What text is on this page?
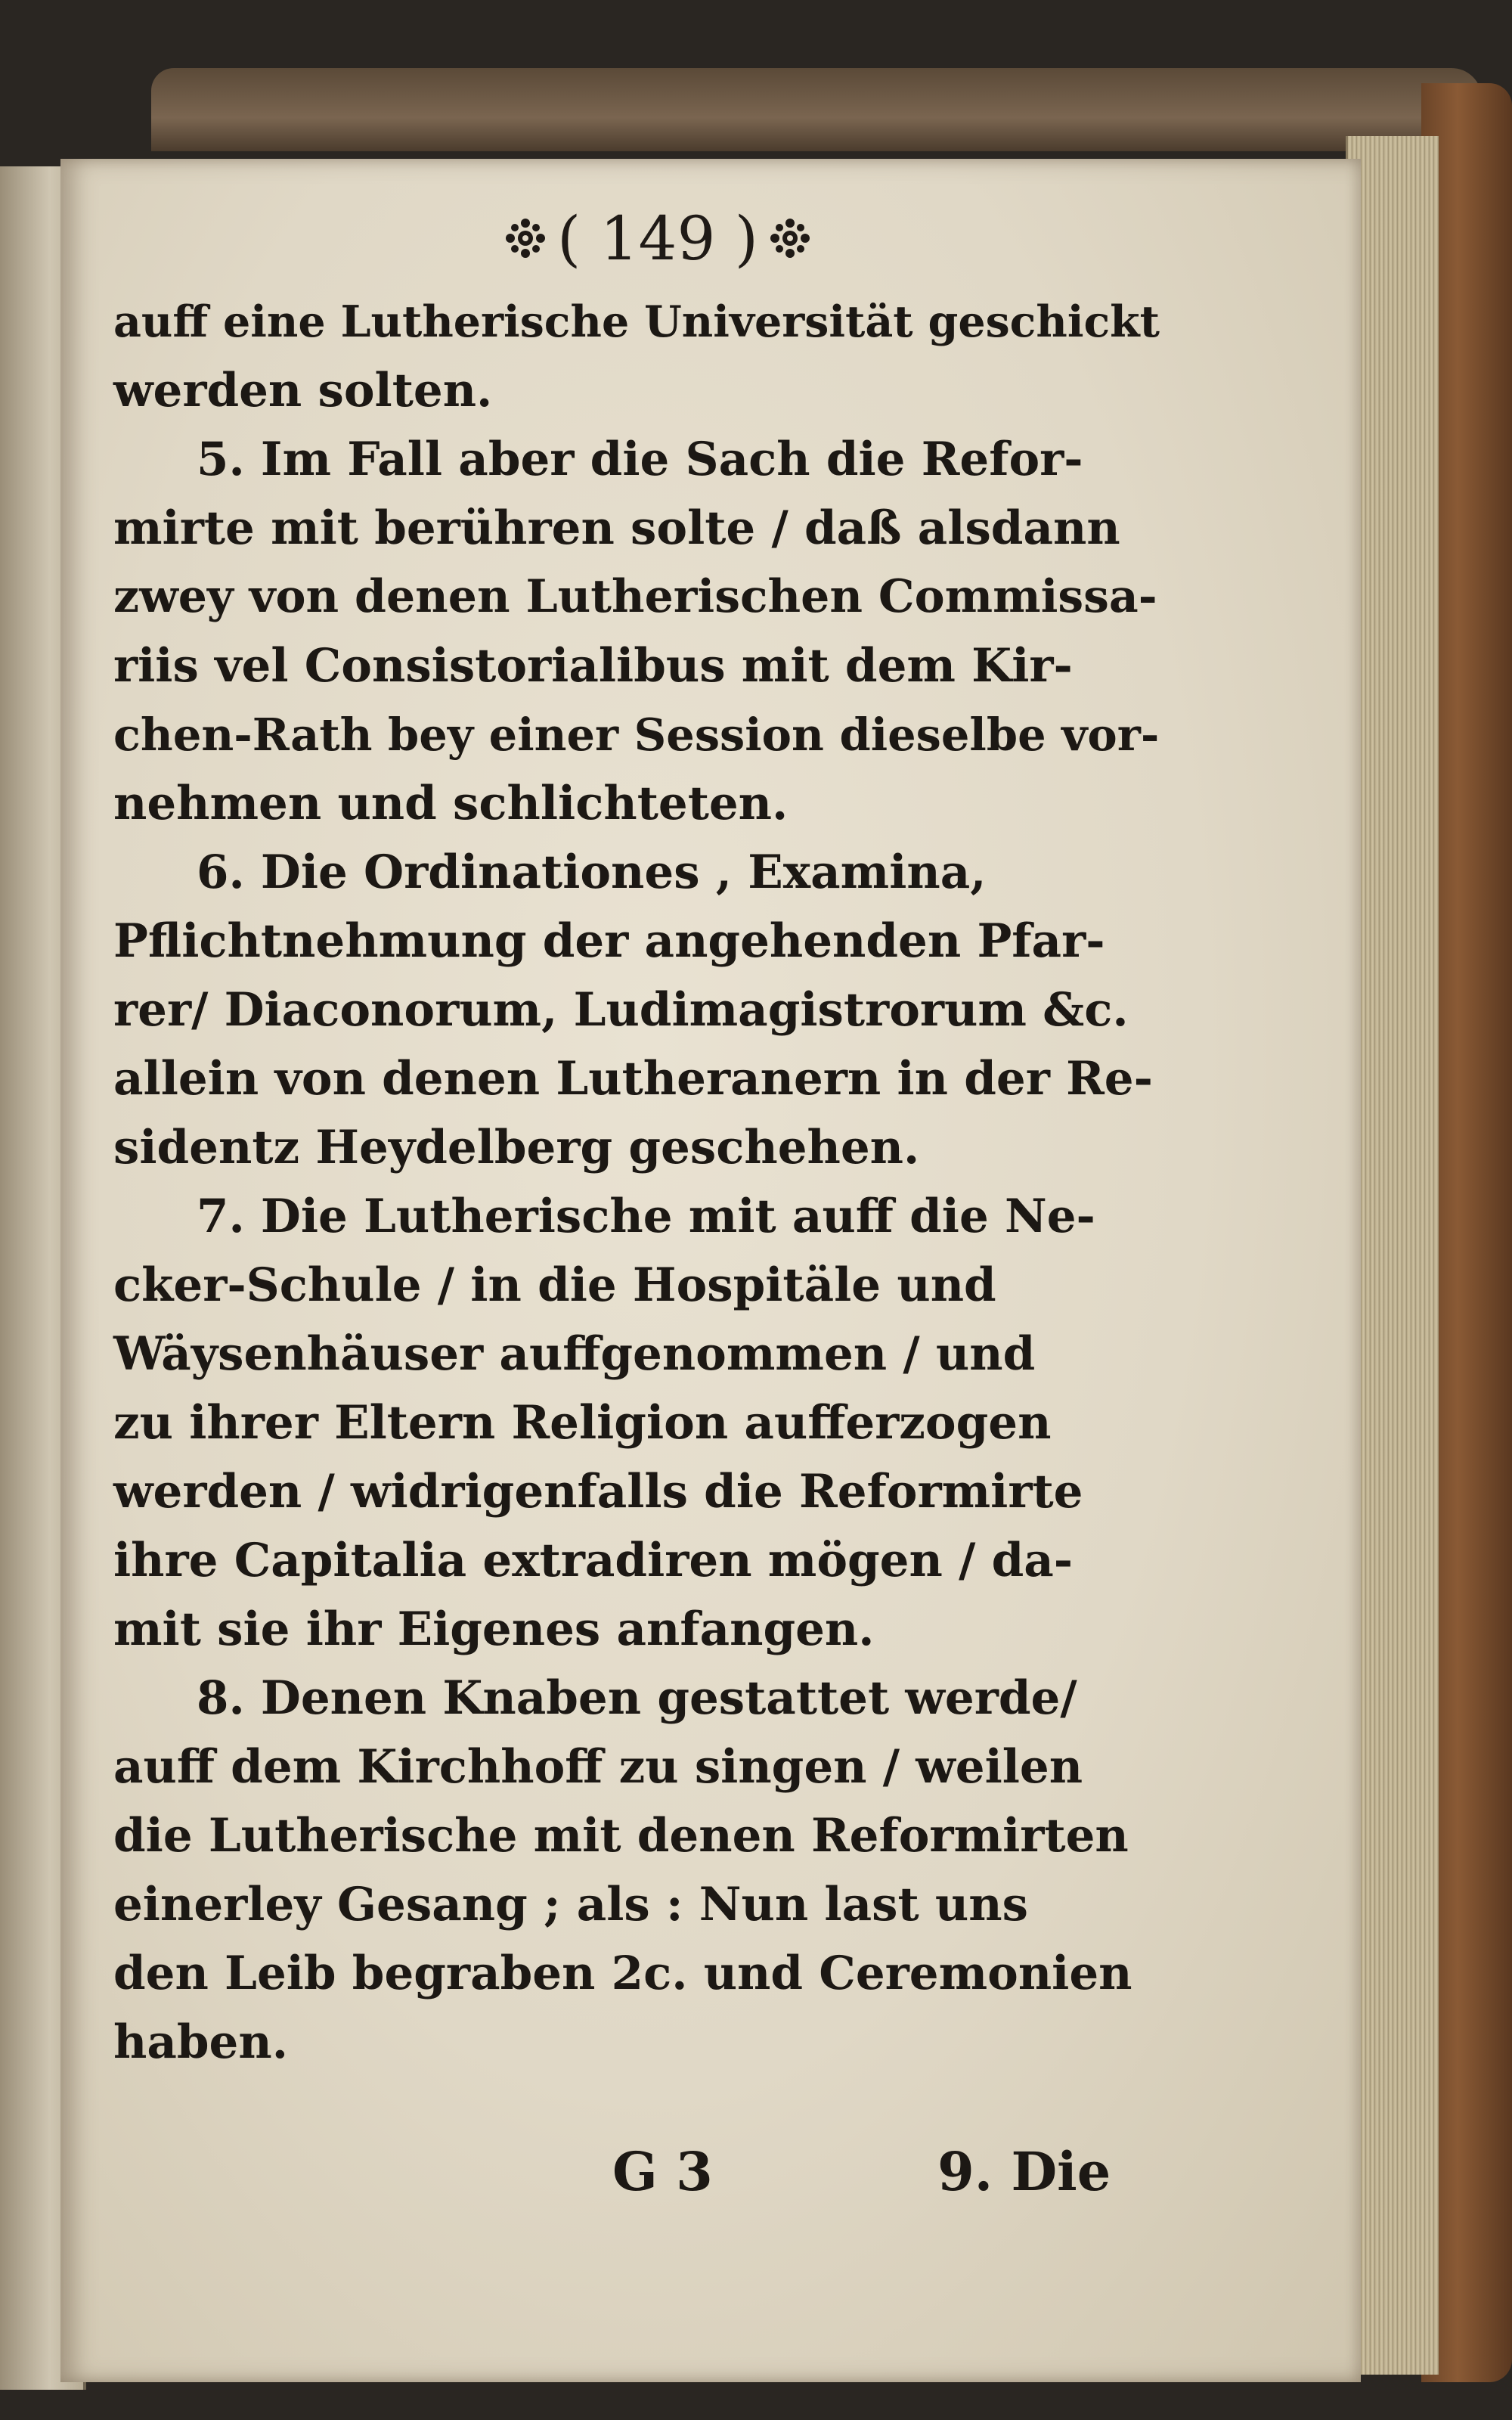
( 149 )
auff eine Lutherische Universität geschickt
werden solten.
5. Im Fall aber die Sach die Refor-
mirte mit berühren solte / daß alsdann
zwey von denen Lutherischen Commissa-
riis vel Consistorialibus mit dem Kir-
chen-Rath bey einer Session dieselbe vor-
nehmen und schlichteten.
6. Die Ordinationes , Examina,
Pflichtnehmung der angehenden Pfar-
rer/ Diaconorum, Ludimagistrorum &c.
allein von denen Lutheranern in der Re-
sidentz Heydelberg geschehen.
7. Die Lutherische mit auff die Ne-
cker-Schule / in die Hospitäle und
Wäysenhäuser auffgenommen / und
zu ihrer Eltern Religion aufferzogen
werden / widrigenfalls die Reformirte
ihre Capitalia extradiren mögen / da-
mit sie ihr Eigenes anfangen.
8. Denen Knaben gestattet werde/
auff dem Kirchhoff zu singen / weilen
die Lutherische mit denen Reformirten
einerley Gesang ; als : Nun last uns
den Leib begraben 2c. und Ceremonien
haben.
G 3	9. Die
